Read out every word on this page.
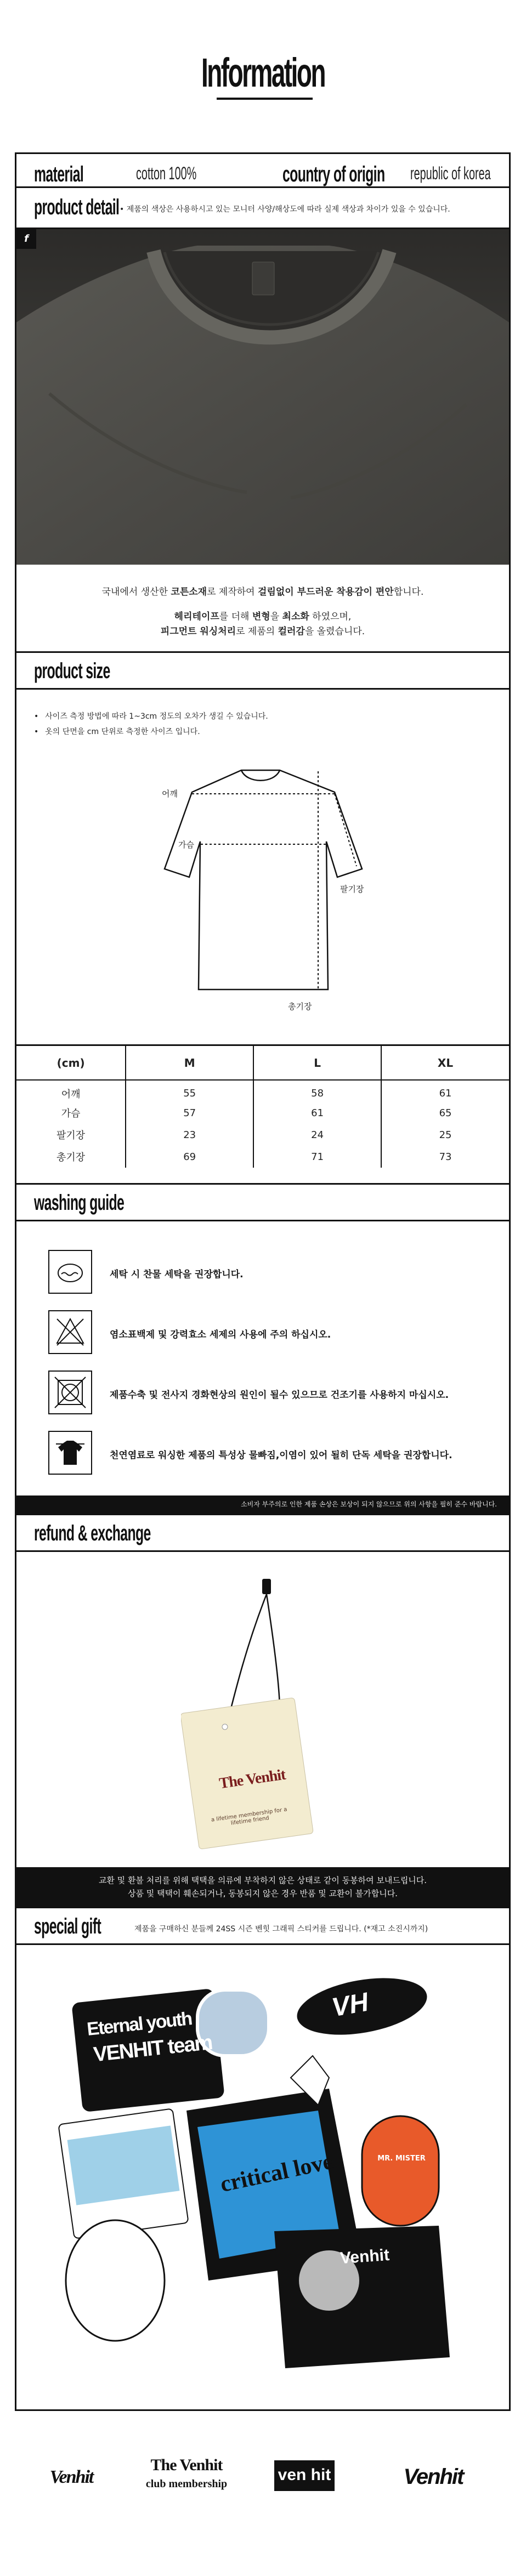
Information
material	cotton 100%	country of origin republic of korea
product detail • 제품의 색상은 사용하시고 있는 모니터 사양/해상도에 따라 실제 색상과 차이가 있을 수 있습니다.
f
국내에서 생산한 코튼소재로 제작하여 걸림없이 부드러운 착용감이 편안합니다.
헤리테이프를 더해 변형을 최소화 하였으며,
피그먼트 워싱처리로 제품의 컬러감을 올렸습니다.
product size
• 사이즈 측정 방법에 따라 1~3cm 정도의 오차가 생길 수 있습니다.
• 옷의 단면을 cm 단위로 측정한 사이즈 입니다.
어깨
가슴
팔기장
총기장
(cm)	M	L	XL
어깨	55	58	61
가슴	57	61	65
팔기장	23	24	25
총기장	69	71	73
washing guide
세탁 시 찬물 세탁을 권장합니다.
염소표백제 및 강력효소 세제의 사용에 주의 하십시오.
제품수축 및 전사지 경화현상의 원인이 될수 있으므로 건조기를 사용하지 마십시오.
천연염료로 워싱한 제품의 특성상 물빠짐,이염이 있어 될히 단독 세탁을 권장합니다.
소비자 부주의로 인한 제품 손상은 보상이 되지 않으므로 위의 사항을 필히 준수 바랍니다.
refund & exchange
The Venhit
a lifetime membership for a lifetime friend
교환 및 환불 처리를 위해 택택을 의류에 부착하지 않은 상태로 같이 동봉하여 보내드립니다.
상품 및 택택이 훼손되거나, 동봉되지 않은 경우 반품 및 교환이 불가합니다.
special gift	제품을 구매하신 분들께 24SS 시즌 벤힛 그래픽 스티커를 드립니다. (*재고 소진시까지)
Eternal youth
VENHIT team
critical love
VH
Venhit
MR. MISTER
Venhit
The Venhit
club membership	ven hit	Venhit
